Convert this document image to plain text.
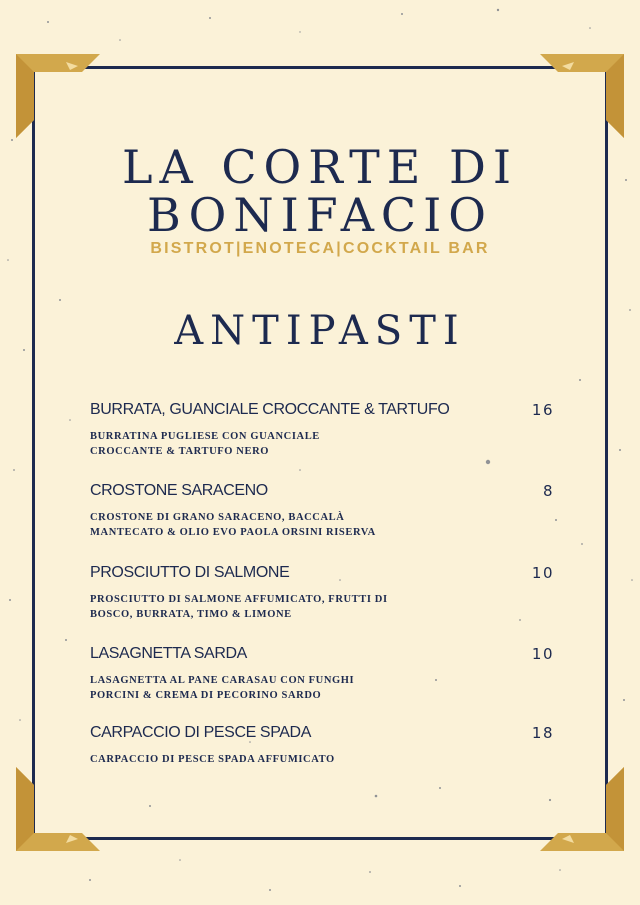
LA CORTE DI
BONIFACIO
BISTROT|ENOTECA|COCKTAIL BAR
ANTIPASTI
BURRATA, GUANCIALE CROCCANTE & TARTUFO	16
BURRATINA PUGLIESE CON GUANCIALE
CROCCANTE & TARTUFO NERO
CROSTONE SARACENO	8
CROSTONE DI GRANO SARACENO, BACCALÀ
MANTECATO & OLIO EVO PAOLA ORSINI RISERVA
PROSCIUTTO DI SALMONE	10
PROSCIUTTO DI SALMONE AFFUMICATO, FRUTTI DI
BOSCO, BURRATA, TIMO & LIMONE
LASAGNETTA SARDA	10
LASAGNETTA AL PANE CARASAU CON FUNGHI
PORCINI & CREMA DI PECORINO SARDO
CARPACCIO DI PESCE SPADA	18
CARPACCIO DI PESCE SPADA AFFUMICATO
